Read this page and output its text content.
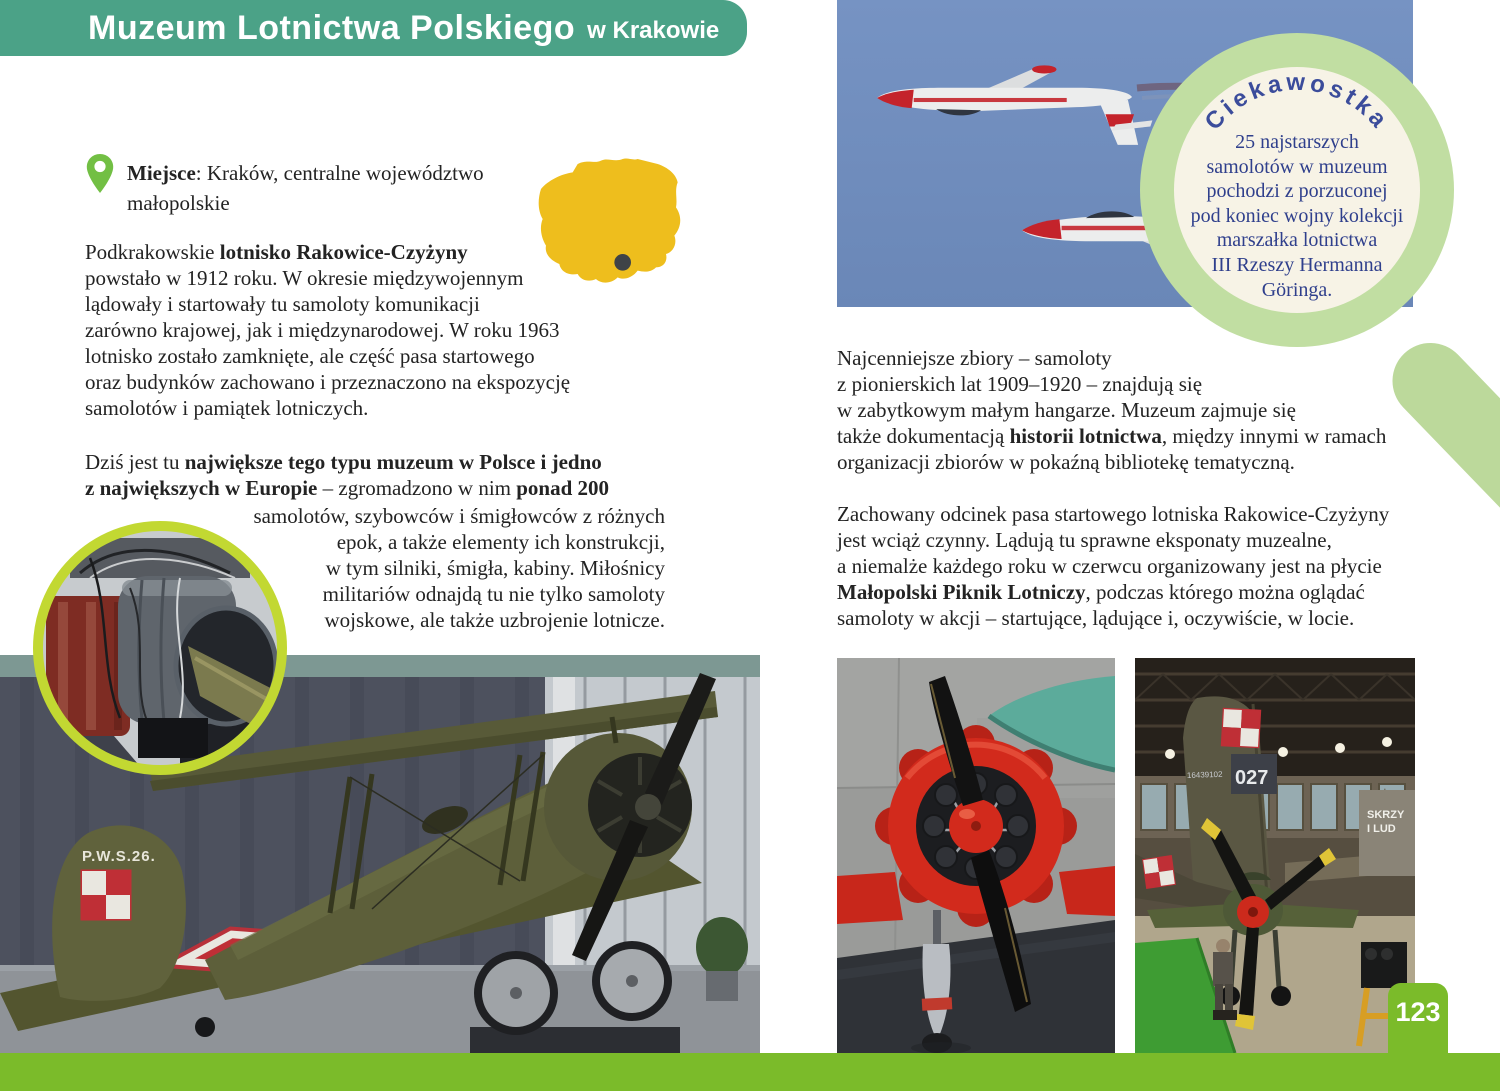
Muzeum Lotnictwa Polskiego w Krakowie
Miejsce: Kraków, centralne województwo
małopolskie
Podkrakowskie lotnisko Rakowice-Czyżyny
powstało w 1912 roku. W okresie międzywojennym
lądowały i startowały tu samoloty komunikacji
zarówno krajowej, jak i międzynarodowej. W roku 1963
lotnisko zostało zamknięte, ale część pasa startowego
oraz budynków zachowano i przeznaczono na ekspozycję
samolotów i pamiątek lotniczych.
Dziś jest tu największe tego typu muzeum w Polsce i jedno
z największych w Europie – zgromadzono w nim ponad 200
samolotów, szybowców i śmigłowców z różnych
epok, a także elementy ich konstrukcji,
w tym silniki, śmigła, kabiny. Miłośnicy
militariów odnajdą tu nie tylko samoloty
wojskowe, ale także uzbrojenie lotnicze.
P.W.S.26.
Ciekawostka
25 najstarszych
samolotów w muzeum
pochodzi z porzuconej
pod koniec wojny kolekcji
marszałka lotnictwa
III Rzeszy Hermanna
Göringa.
Najcenniejsze zbiory – samoloty
z pionierskich lat 1909–1920 – znajdują się
w zabytkowym małym hangarze. Muzeum zajmuje się
także dokumentacją historii lotnictwa, między innymi w ramach
organizacji zbiorów w pokaźną bibliotekę tematyczną.
Zachowany odcinek pasa startowego lotniska Rakowice-Czyżyny
jest wciąż czynny. Lądują tu sprawne eksponaty muzealne,
a niemalże każdego roku w czerwcu organizowany jest na płycie
Małopolski Piknik Lotniczy, podczas którego można oglądać
samoloty w akcji – startujące, lądujące i, oczywiście, w locie.
027
16439102
SKRZY
I LUD
123
